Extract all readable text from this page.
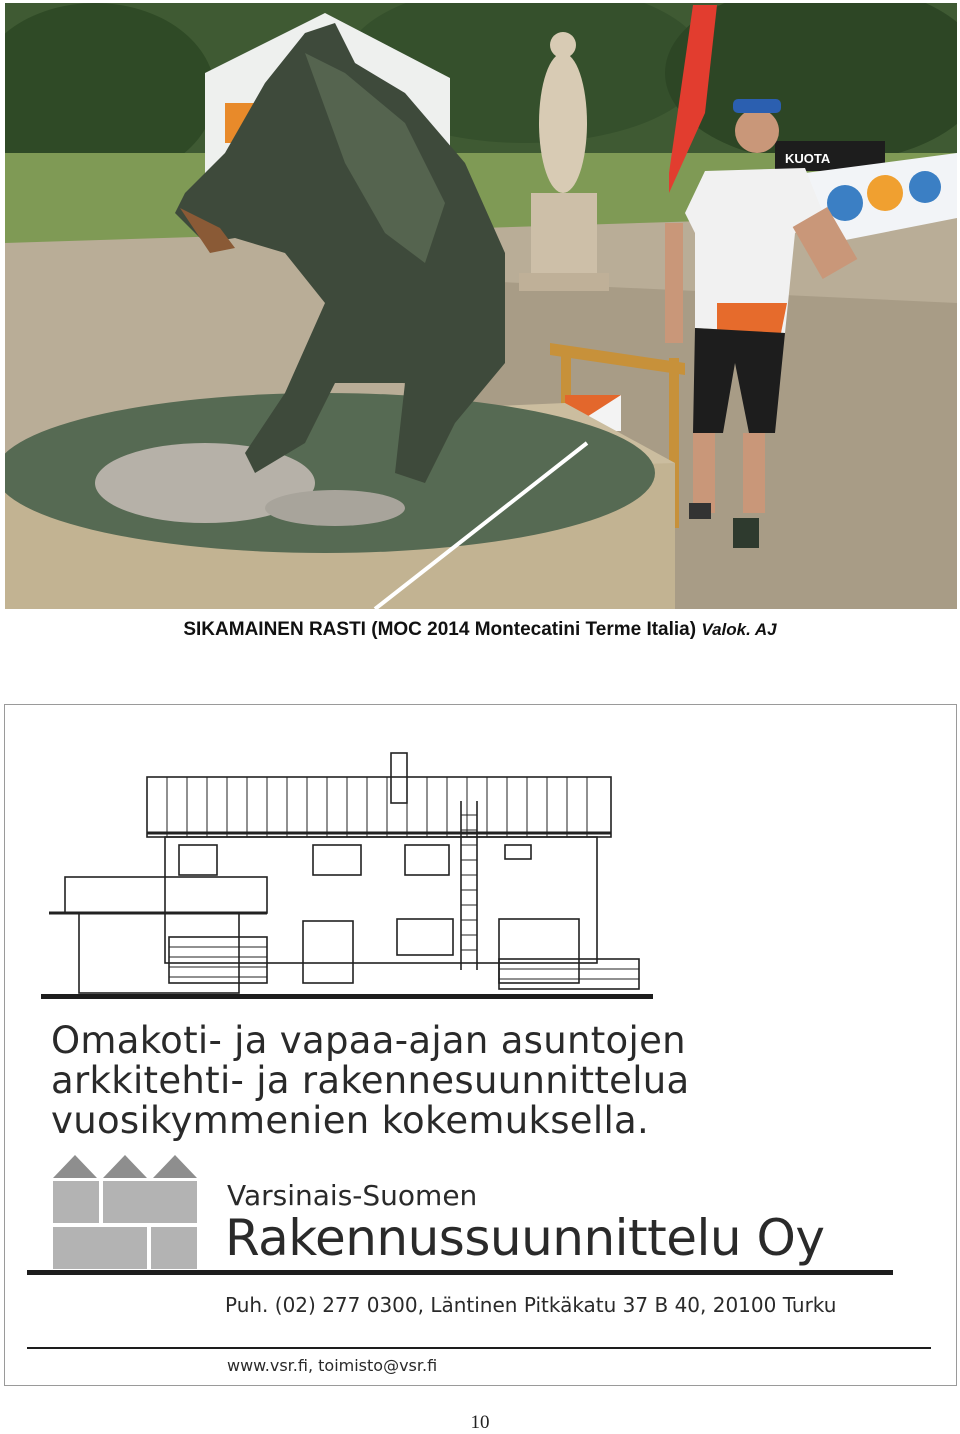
KUOTA
SIKAMAINEN RASTI (MOC 2014 Montecatini Terme Italia) Valok. AJ
Omakoti- ja vapaa-ajan asuntojen
arkkitehti- ja rakennesuunnittelua
vuosikymmenien kokemuksella.
Varsinais-Suomen
Rakennussuunnittelu Oy
Puh. (02) 277 0300, Läntinen Pitkäkatu 37 B 40, 20100 Turku
www.vsr.fi, toimisto@vsr.fi
10
